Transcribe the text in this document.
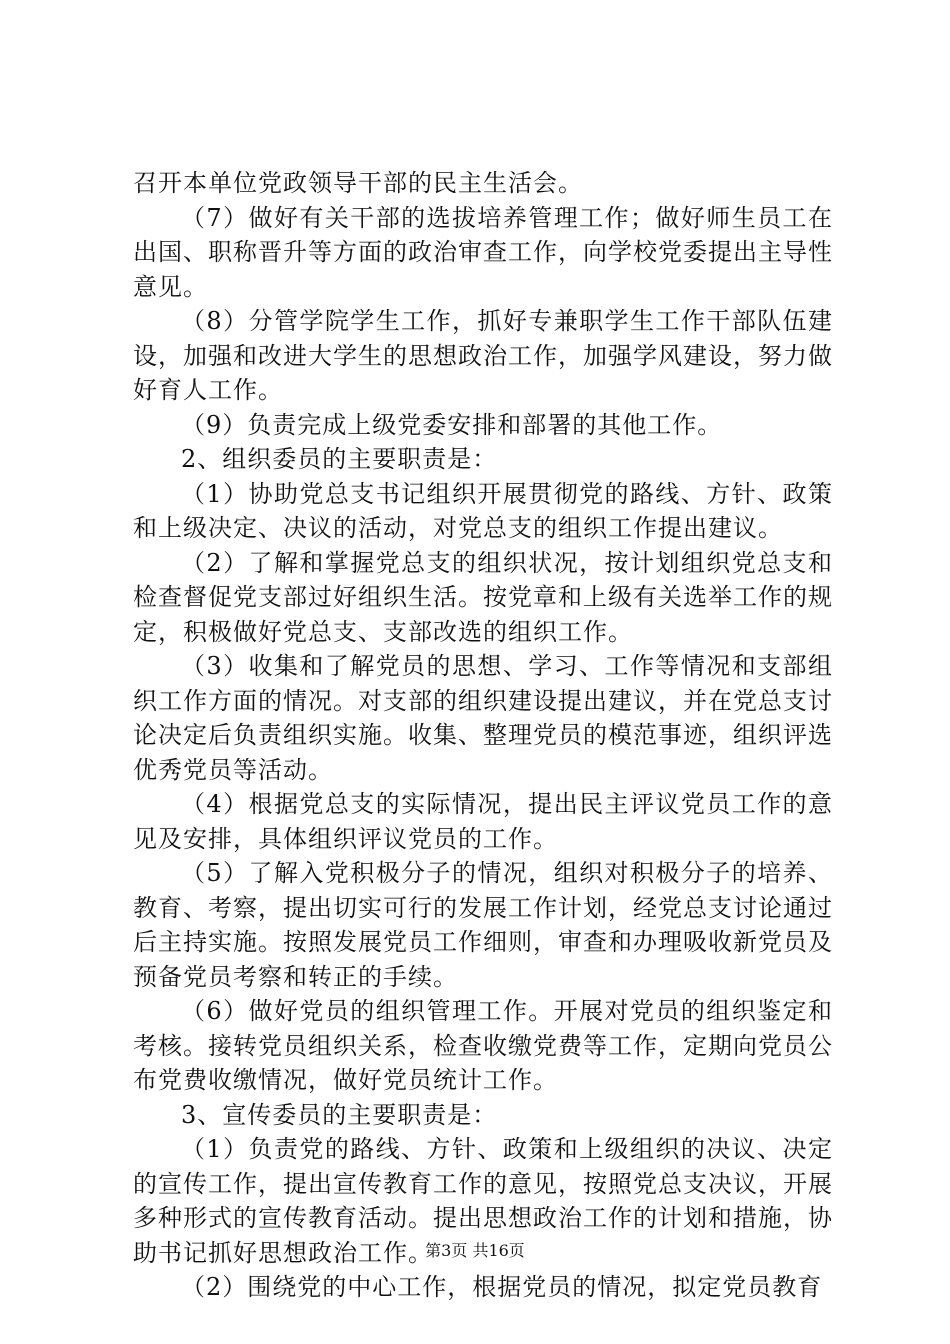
召开本单位党政领导干部的民主生活会。

（7）做好有关干部的选拔培养管理工作；做好师生员工在出国、职称晋升等方面的政治审查工作，向学校党委提出主导性意见。

（8）分管学院学生工作，抓好专兼职学生工作干部队伍建设，加强和改进大学生的思想政治工作，加强学风建设，努力做好育人工作。

（9）负责完成上级党委安排和部署的其他工作。

2、组织委员的主要职责是：

（1）协助党总支书记组织开展贯彻党的路线、方针、政策和上级决定、决议的活动，对党总支的组织工作提出建议。

（2）了解和掌握党总支的组织状况，按计划组织党总支和检查督促党支部过好组织生活。按党章和上级有关选举工作的规定，积极做好党总支、支部改选的组织工作。

（3）收集和了解党员的思想、学习、工作等情况和支部组织工作方面的情况。对支部的组织建设提出建议，并在党总支讨论决定后负责组织实施。收集、整理党员的模范事迹，组织评选优秀党员等活动。

（4）根据党总支的实际情况，提出民主评议党员工作的意见及安排，具体组织评议党员的工作。

（5）了解入党积极分子的情况，组织对积极分子的培养、教育、考察，提出切实可行的发展工作计划，经党总支讨论通过后主持实施。按照发展党员工作细则，审查和办理吸收新党员及预备党员考察和转正的手续。

（6）做好党员的组织管理工作。开展对党员的组织鉴定和考核。接转党员组织关系，检查收缴党费等工作，定期向党员公布党费收缴情况，做好党员统计工作。

3、宣传委员的主要职责是：

（1）负责党的路线、方针、政策和上级组织的决议、决定的宣传工作，提出宣传教育工作的意见，按照党总支决议，开展多种形式的宣传教育活动。提出思想政治工作的计划和措施，协助书记抓好思想政治工作。

（2）围绕党的中心工作，根据党员的情况，拟定党员教育

第3页 共16页
